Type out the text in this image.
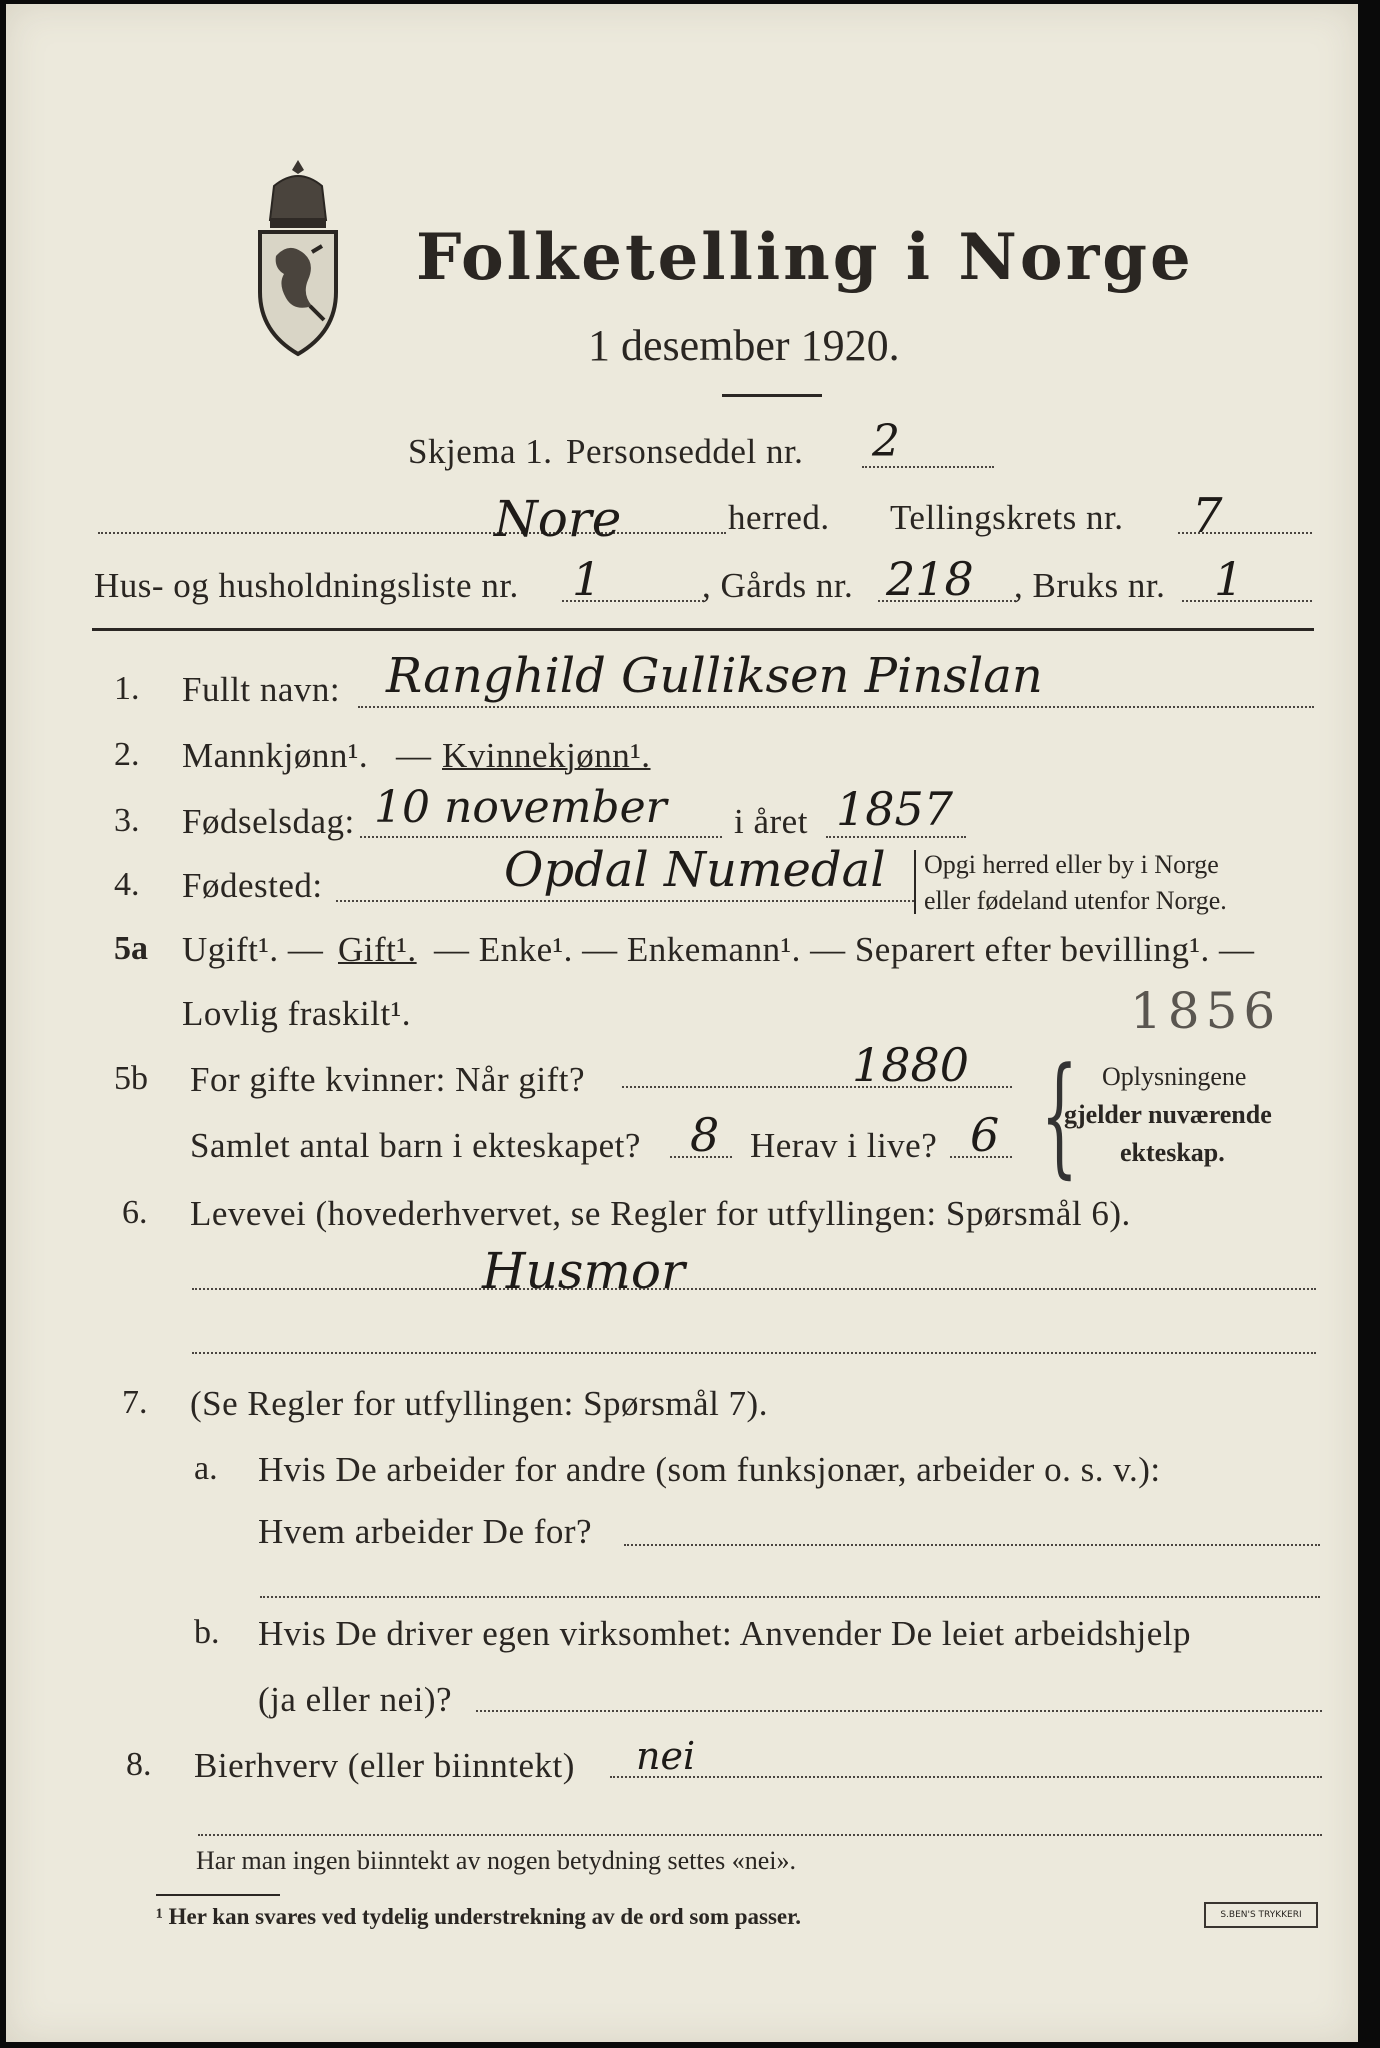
Folketelling i Norge
1 desember 1920.
Skjema 1. Personseddel nr. 2
Nore	herred. Tellingskrets nr. 7
Hus- og husholdningsliste nr. 1	, Gårds nr. 218 , Bruks nr. 1
1. Fullt navn: Ranghild Gulliksen Pinslan
2. Mannkjønn¹. — Kvinnekjønn¹.
3. Fødselsdag: 10 november i året 1857
4. Fødested:	Opdal Numedal Opgi herred eller by i Norge
eller fødeland utenfor Norge.
5a Ugift¹. — Gift¹. — Enke¹. — Enkemann¹. — Separert efter bevilling¹. —
Lovlig fraskilt¹.	1856
5b For gifte kvinner: Når gift?	1880
Samlet antal barn i ekteskapet? 8 Herav i live? 6 { Oplysningene
gjelder nuværende
ekteskap.
6. Levevei (hovederhvervet, se Regler for utfyllingen: Spørsmål 6).
Husmor
7. (Se Regler for utfyllingen: Spørsmål 7).
a. Hvis De arbeider for andre (som funksjonær, arbeider o. s. v.):
Hvem arbeider De for?
b. Hvis De driver egen virksomhet: Anvender De leiet arbeidshjelp
(ja eller nei)?
8. Bierhverv (eller biinntekt) nei
Har man ingen biinntekt av nogen betydning settes «nei».
¹ Her kan svares ved tydelig understrekning av de ord som passer.	S.BEN'S TRYKKERI
